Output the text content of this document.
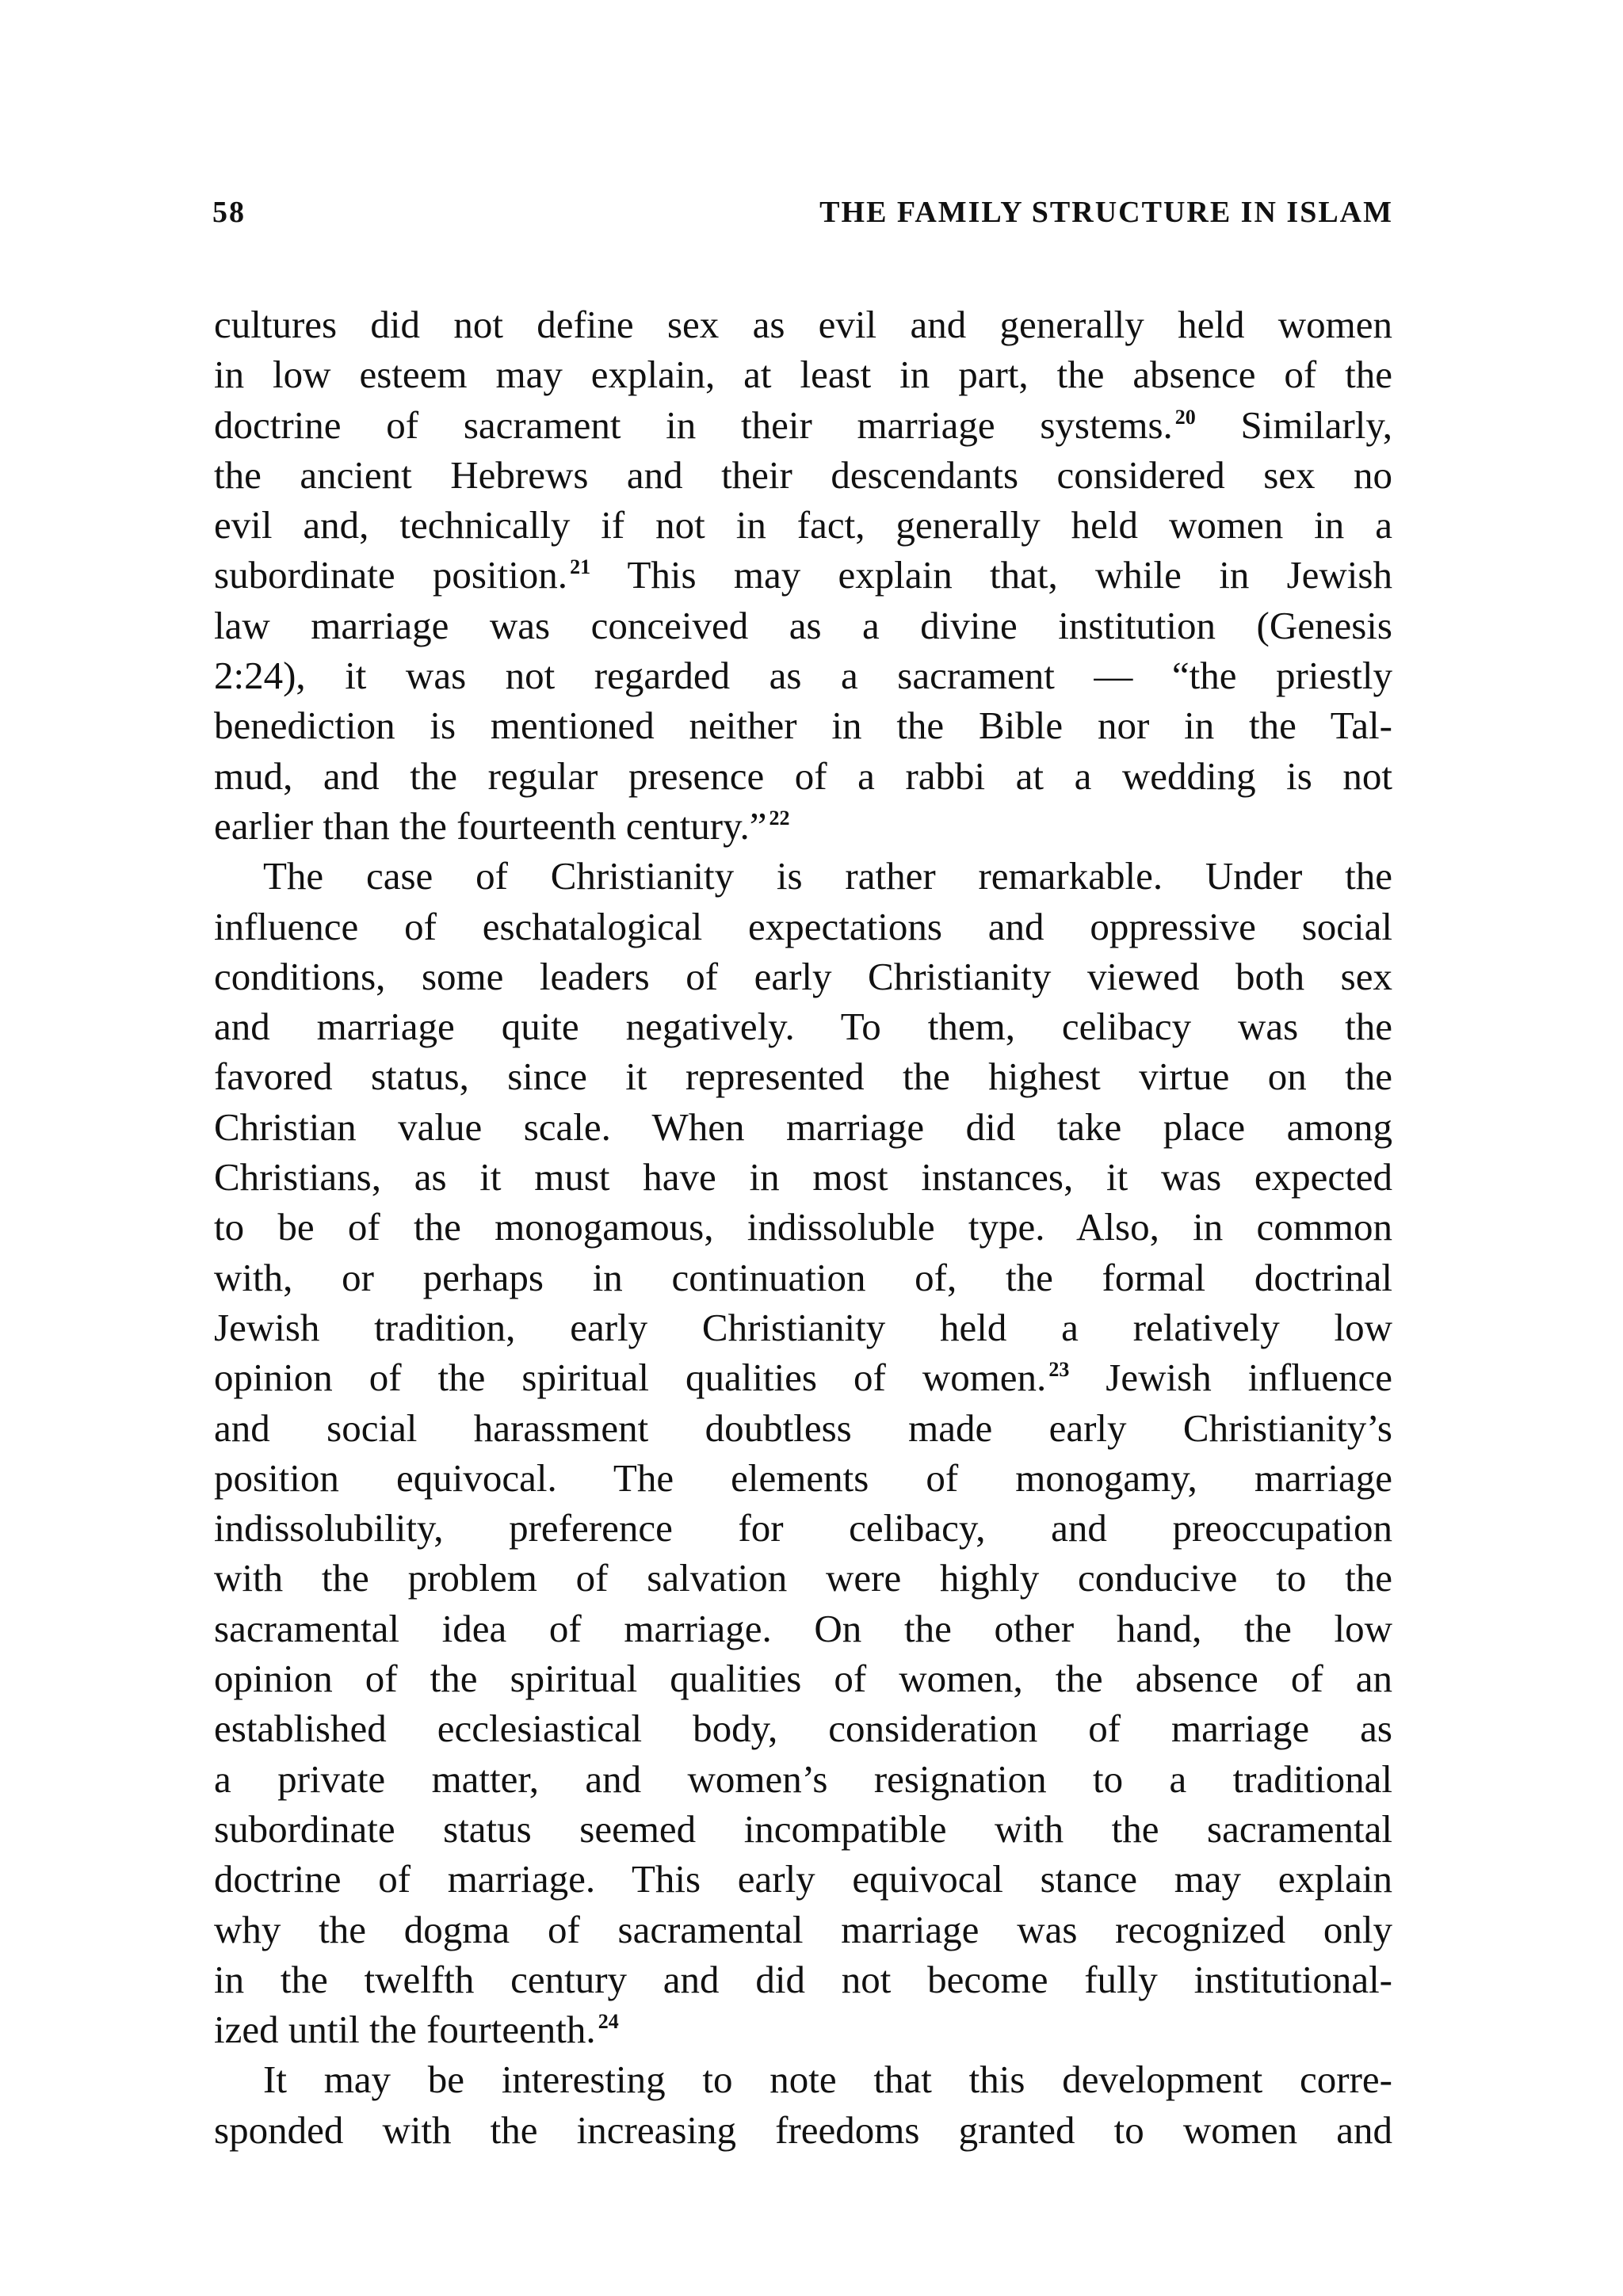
58	THE FAMILY STRUCTURE IN ISLAM
cultures did not define sex as evil and generally held women
in low esteem may explain, at least in part, the absence of the
doctrine of sacrament in their marriage systems. $^{20}$ Similarly,
the ancient Hebrews and their descendants considered sex no
evil and, technically if not in fact, generally held women in a
subordinate position. $^{21}$ This may explain that, while in Jewish
law marriage was conceived as a divine institution (Genesis
2:24), it was not regarded as a sacrament — “the priestly
benediction is mentioned neither in the Bible nor in the Tal-
mud, and the regular presence of a rabbi at a wedding is not
earlier than the fourteenth century.” $^{22}$
The case of Christianity is rather remarkable. Under the
influence of eschatalogical expectations and oppressive social
conditions, some leaders of early Christianity viewed both sex
and marriage quite negatively. To them, celibacy was the
favored status, since it represented the highest virtue on the
Christian value scale. When marriage did take place among
Christians, as it must have in most instances, it was expected
to be of the monogamous, indissoluble type. Also, in common
with, or perhaps in continuation of, the formal doctrinal
Jewish tradition, early Christianity held a relatively low
opinion of the spiritual qualities of women. $^{23}$ Jewish influence
and social harassment doubtless made early Christianity’s
position equivocal. The elements of monogamy, marriage
indissolubility, preference for celibacy, and preoccupation
with the problem of salvation were highly conducive to the
sacramental idea of marriage. On the other hand, the low
opinion of the spiritual qualities of women, the absence of an
established ecclesiastical body, consideration of marriage as
a private matter, and women’s resignation to a traditional
subordinate status seemed incompatible with the sacramental
doctrine of marriage. This early equivocal stance may explain
why the dogma of sacramental marriage was recognized only
in the twelfth century and did not become fully institutional-
ized until the fourteenth. $^{24}$
It may be interesting to note that this development corre-
sponded with the increasing freedoms granted to women and
